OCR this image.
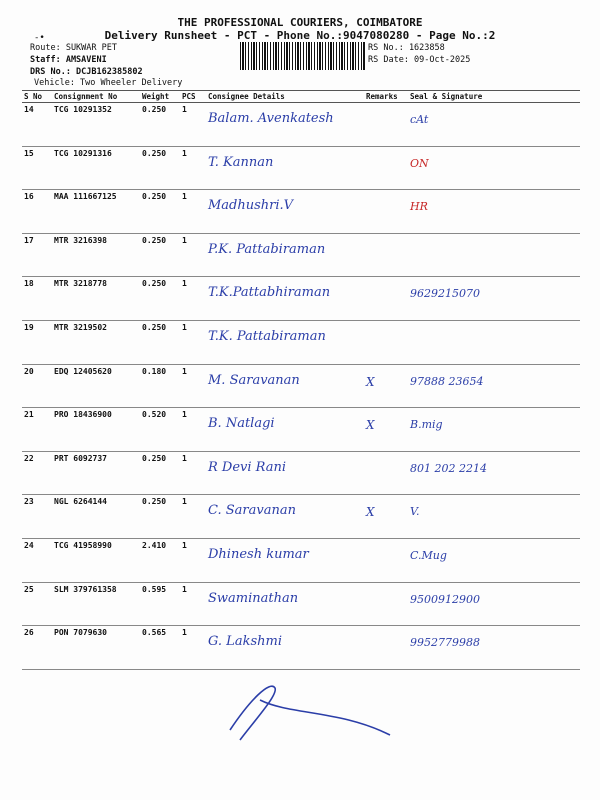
-•
THE PROFESSIONAL COURIERS, COIMBATORE
Delivery Runsheet - PCT - Phone No.:9047080280 - Page No.:2
Route: SUKWAR PET
Staff: AMSAVENI
DRS No.: DCJB162385802
Vehicle: Two Wheeler Delivery
RS No.: 1623858
RS Date: 09-Oct-2025
S No	Consignment No	Weight	PCS	Consignee Details	Remarks	Seal & Signature
14	TCG 10291352	0.250	1	Balam. Avenkatesh		cAt

15	TCG 10291316	0.250	1	T. Kannan		ON

16	MAA 111667125	0.250	1	Madhushri.V		HR

17	MTR 3216398	0.250	1	P.K. Pattabiraman		

18	MTR 3218778	0.250	1	T.K.Pattabhiraman		9629215070

19	MTR 3219502	0.250	1	T.K. Pattabiraman		

20	EDQ 12405620	0.180	1	M. Saravanan	X	97888 23654

21	PRO 18436900	0.520	1	B. Natlagi	X	B.mig

22	PRT 6092737	0.250	1	R Devi Rani		801 202 2214

23	NGL 6264144	0.250	1	C. Saravanan	X	V.

24	TCG 41958990	2.410	1	Dhinesh kumar		C.Mug

25	SLM 379761358	0.595	1	Swaminathan		9500912900

26	PON 7079630	0.565	1	G. Lakshmi		9952779988
